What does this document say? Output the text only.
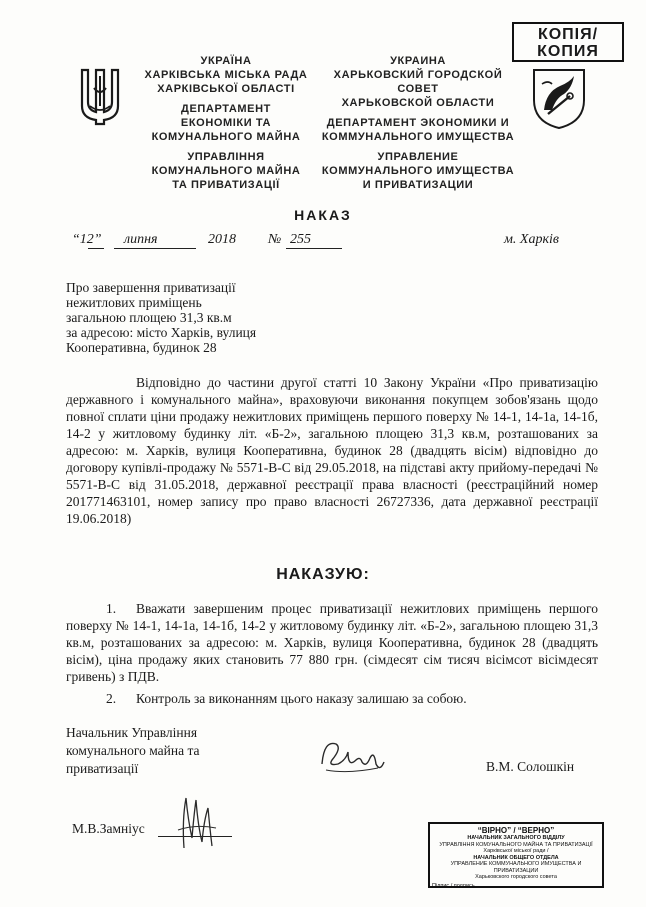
УКРАЇНА
ХАРКІВСЬКА МІСЬКА РАДА
ХАРКІВСЬКОЇ ОБЛАСТІ
ДЕПАРТАМЕНТ
ЕКОНОМІКИ ТА
КОМУНАЛЬНОГО МАЙНА
УПРАВЛІННЯ
КОМУНАЛЬНОГО МАЙНА
ТА ПРИВАТИЗАЦІЇ
УКРАИНА
ХАРЬКОВСКИЙ ГОРОДСКОЙ
СОВЕТ
ХАРЬКОВСКОЙ ОБЛАСТИ
ДЕПАРТАМЕНТ ЭКОНОМИКИ И
КОММУНАЛЬНОГО ИМУЩЕСТВА
УПРАВЛЕНИЕ
КОММУНАЛЬНОГО ИМУЩЕСТВА
И ПРИВАТИЗАЦИИ
КОПІЯ/
КОПИЯ
НАКАЗ
“12” липня	2018 № 255	м. Харків
Про завершення приватизації
нежитлових приміщень
загальною площею 31,3 кв.м
за адресою: місто Харків, вулиця
Кооперативна, будинок 28
Відповідно до частини другої статті 10 Закону України «Про приватизацію державного і комунального майна», враховуючи виконання покупцем зобов'язань щодо повної сплати ціни продажу нежитлових приміщень першого поверху № 14-1, 14-1а, 14-1б, 14-2 у житловому будинку літ. «Б-2», загальною площею 31,3 кв.м, розташованих за адресою: м. Харків, вулиця Кооперативна, будинок 28 (двадцять вісім) відповідно до договору купівлі-продажу № 5571-В-С від 29.05.2018, на підставі акту прийому-передачі № 5571-В-С від 31.05.2018, державної реєстрації права власності (реєстраційний номер 201771463101, номер запису про право власності 26727336, дата державної реєстрації 19.06.2018)
НАКАЗУЮ:
1. Вважати завершеним процес приватизації нежитлових приміщень першого поверху № 14-1, 14-1а, 14-1б, 14-2 у житловому будинку літ. «Б-2», загальною площею 31,3 кв.м, розташованих за адресою: м. Харків, вулиця Кооперативна, будинок 28 (двадцять вісім), ціна продажу яких становить 77 880 грн. (сімдесят сім тисяч вісімсот вісімдесят гривень) з ПДВ.
2. Контроль за виконанням цього наказу залишаю за собою.
Начальник Управління
комунального майна та
приватизації	В.М. Солошкін
М.В.Замніус	“ВІРНО” / “ВЕРНО”
НАЧАЛЬНИК ЗАГАЛЬНОГО ВІДДІЛУ
УПРАВЛІННЯ КОМУНАЛЬНОГО МАЙНА ТА ПРИВАТИЗАЦІЇ
Харківської міської ради /
НАЧАЛЬНИК ОБЩЕГО ОТДЕЛА
УПРАВЛЕНИЕ КОММУНАЛЬНОГО ИМУЩЕСТВА И ПРИВАТИЗАЦИИ
Харьковского городского совета
Підпис / подпись
